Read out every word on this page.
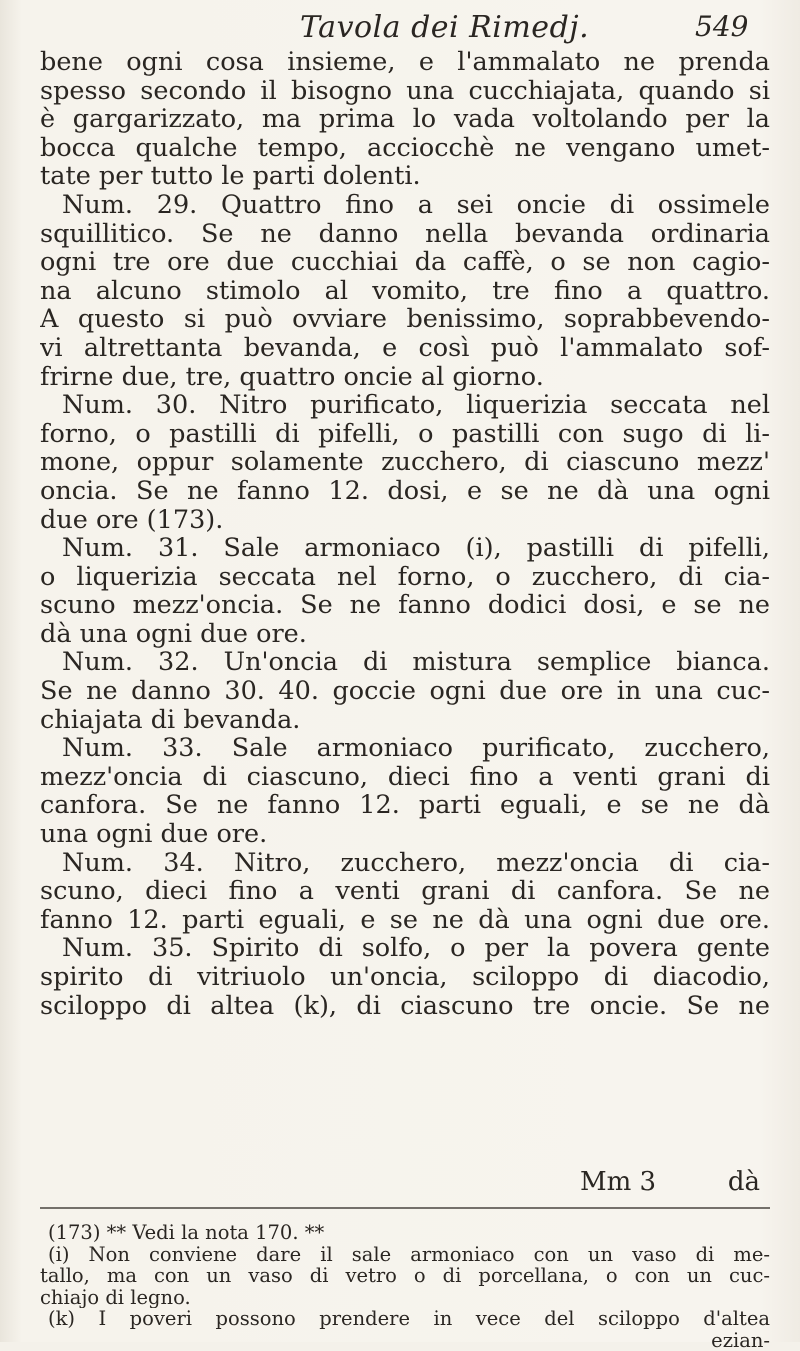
Tavola dei Rimedj.	549
bene ogni cosa insieme, e l'ammalato ne prenda
spesso secondo il bisogno una cucchiajata, quando si
è gargarizzato, ma prima lo vada voltolando per la
bocca qualche tempo, acciocchè ne vengano umet-
tate per tutto le parti dolenti.
Num. 29. Quattro fino a sei oncie di ossimele
squillitico. Se ne danno nella bevanda ordinaria
ogni tre ore due cucchiai da caffè, o se non cagio-
na alcuno stimolo al vomito, tre fino a quattro.
A questo si può ovviare benissimo, soprabbevendo-
vi altrettanta bevanda, e così può l'ammalato sof-
frirne due, tre, quattro oncie al giorno.
Num. 30. Nitro purificato, liquerizia seccata nel
forno, o pastilli di pifelli, o pastilli con sugo di li-
mone, oppur solamente zucchero, di ciascuno mezz'
oncia. Se ne fanno 12. dosi, e se ne dà una ogni
due ore (173).
Num. 31. Sale armoniaco (i), pastilli di pifelli,
o liquerizia seccata nel forno, o zucchero, di cia-
scuno mezz'oncia. Se ne fanno dodici dosi, e se ne
dà una ogni due ore.
Num. 32. Un'oncia di mistura semplice bianca.
Se ne danno 30. 40. goccie ogni due ore in una cuc-
chiajata di bevanda.
Num. 33. Sale armoniaco purificato, zucchero,
mezz'oncia di ciascuno, dieci fino a venti grani di
canfora. Se ne fanno 12. parti eguali, e se ne dà
una ogni due ore.
Num. 34. Nitro, zucchero, mezz'oncia di cia-
scuno, dieci fino a venti grani di canfora. Se ne
fanno 12. parti eguali, e se ne dà una ogni due ore.
Num. 35. Spirito di solfo, o per la povera gente
spirito di vitriuolo un'oncia, sciloppo di diacodio,
sciloppo di altea (k), di ciascuno tre oncie. Se ne
Mm 3	dà
(173) ** Vedi la nota 170. **
(i) Non conviene dare il sale armoniaco con un vaso di me-
tallo, ma con un vaso di vetro o di porcellana, o con un cuc-
chiajo di legno.
(k) I poveri possono prendere in vece del sciloppo d'altea
ezian-
